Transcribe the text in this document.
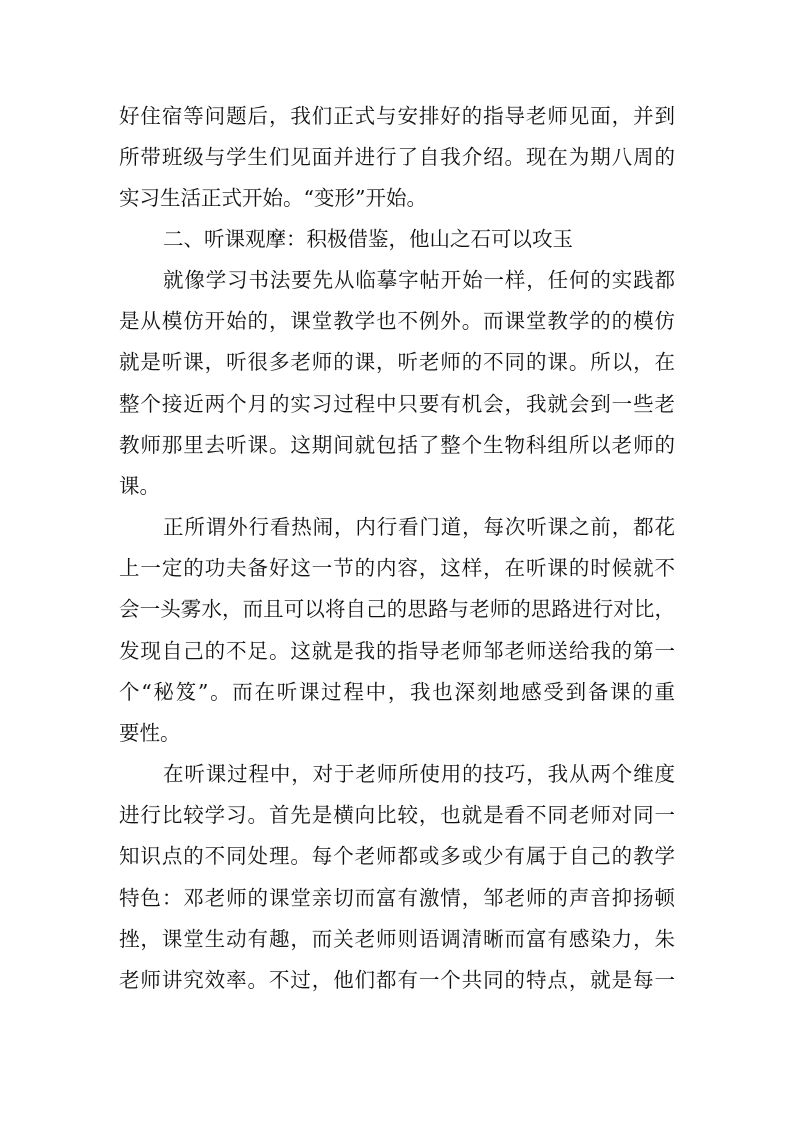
好住宿等问题后，我们正式与安排好的指导老师见面，并到
所带班级与学生们见面并进行了自我介绍。现在为期八周的
实习生活正式开始。“变形”开始。
二、听课观摩：积极借鉴，他山之石可以攻玉
就像学习书法要先从临摹字帖开始一样，任何的实践都
是从模仿开始的，课堂教学也不例外。而课堂教学的的模仿
就是听课，听很多老师的课，听老师的不同的课。所以，在
整个接近两个月的实习过程中只要有机会，我就会到一些老
教师那里去听课。这期间就包括了整个生物科组所以老师的
课。
正所谓外行看热闹，内行看门道，每次听课之前，都花
上一定的功夫备好这一节的内容，这样，在听课的时候就不
会一头雾水，而且可以将自己的思路与老师的思路进行对比，
发现自己的不足。这就是我的指导老师邹老师送给我的第一
个“秘笈”。而在听课过程中，我也深刻地感受到备课的重
要性。
在听课过程中，对于老师所使用的技巧，我从两个维度
进行比较学习。首先是横向比较，也就是看不同老师对同一
知识点的不同处理。每个老师都或多或少有属于自己的教学
特色：邓老师的课堂亲切而富有激情，邹老师的声音抑扬顿
挫，课堂生动有趣，而关老师则语调清晰而富有感染力，朱
老师讲究效率。不过，他们都有一个共同的特点，就是每一
